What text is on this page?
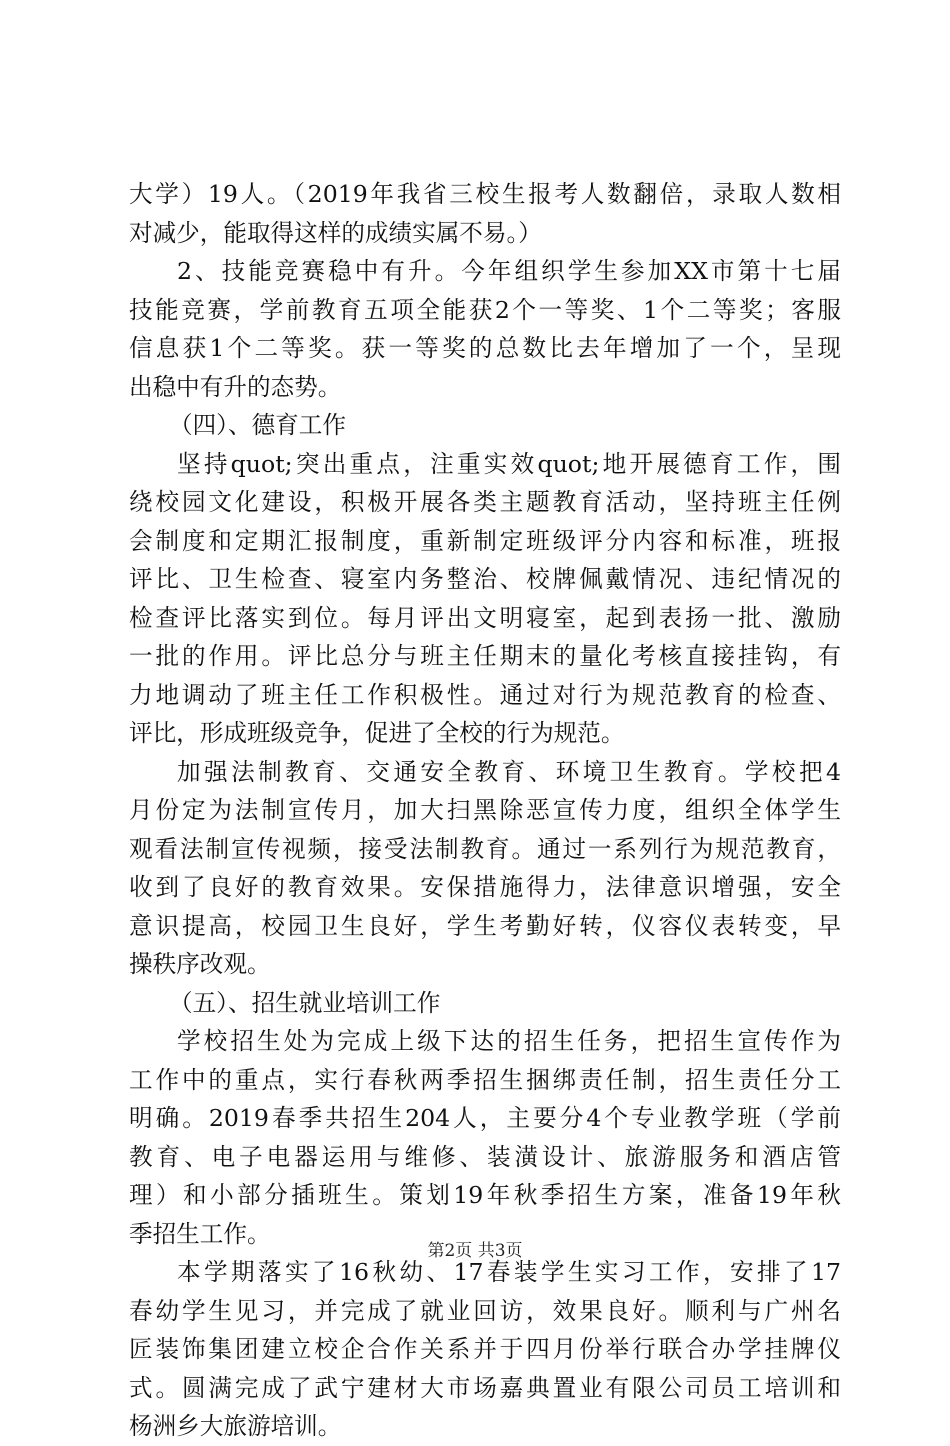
大学）19人。（2019年我省三校生报考人数翻倍，录取人数相
对减少，能取得这样的成绩实属不易。）
2、技能竞赛稳中有升。今年组织学生参加XX市第十七届
技能竞赛，学前教育五项全能获2个一等奖、1个二等奖；客服
信息获1个二等奖。获一等奖的总数比去年增加了一个，呈现
出稳中有升的态势。
（四）、德育工作
坚持quot;突出重点，注重实效quot;地开展德育工作，围
绕校园文化建设，积极开展各类主题教育活动，坚持班主任例
会制度和定期汇报制度，重新制定班级评分内容和标准，班报
评比、卫生检查、寝室内务整治、校牌佩戴情况、违纪情况的
检查评比落实到位。每月评出文明寝室，起到表扬一批、激励
一批的作用。评比总分与班主任期末的量化考核直接挂钩，有
力地调动了班主任工作积极性。通过对行为规范教育的检查、
评比，形成班级竞争，促进了全校的行为规范。
加强法制教育、交通安全教育、环境卫生教育。学校把4
月份定为法制宣传月，加大扫黑除恶宣传力度，组织全体学生
观看法制宣传视频，接受法制教育。通过一系列行为规范教育，
收到了良好的教育效果。安保措施得力，法律意识增强，安全
意识提高，校园卫生良好，学生考勤好转，仪容仪表转变，早
操秩序改观。
（五）、招生就业培训工作
学校招生处为完成上级下达的招生任务，把招生宣传作为
工作中的重点，实行春秋两季招生捆绑责任制，招生责任分工
明确。2019春季共招生204人，主要分4个专业教学班（学前
教育、电子电器运用与维修、装潢设计、旅游服务和酒店管
理）和小部分插班生。策划19年秋季招生方案，准备19年秋
季招生工作。
本学期落实了16秋幼、17春装学生实习工作，安排了17
春幼学生见习，并完成了就业回访，效果良好。顺利与广州名
匠装饰集团建立校企合作关系并于四月份举行联合办学挂牌仪
式。圆满完成了武宁建材大市场嘉典置业有限公司员工培训和
杨洲乡大旅游培训。
第2页 共3页
